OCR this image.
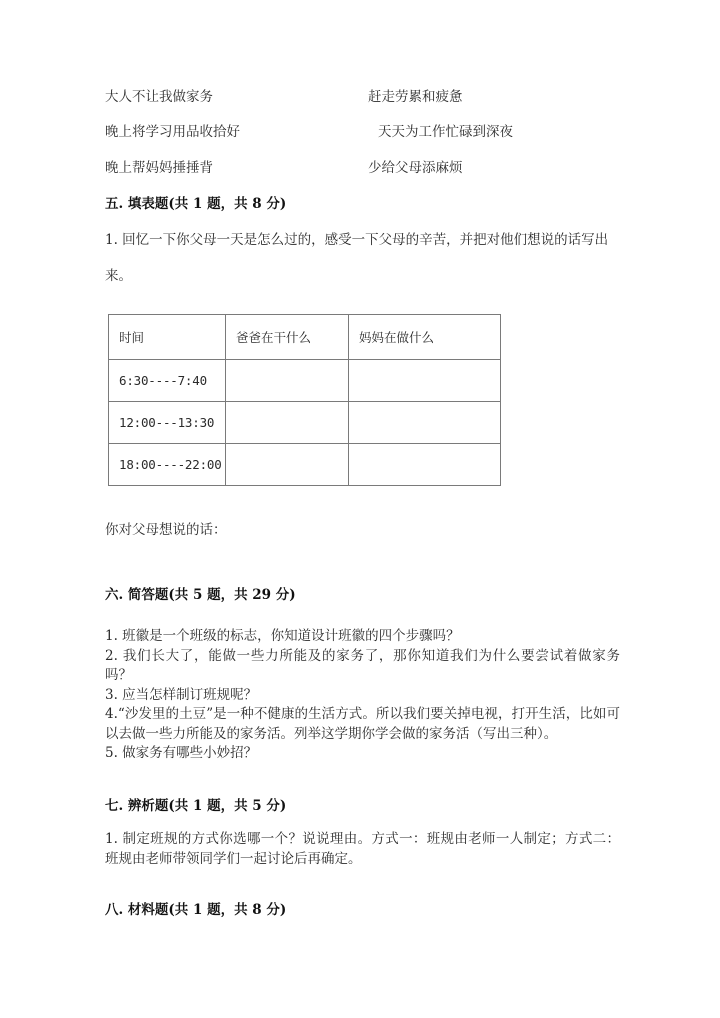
大人不让我做家务	赶走劳累和疲惫
晚上将学习用品收拾好	天天为工作忙碌到深夜
晚上帮妈妈捶捶背	少给父母添麻烦
五. 填表题(共 1 题，共 8 分)
1. 回忆一下你父母一天是怎么过的，感受一下父母的辛苦，并把对他们想说的话写出来。
时间	爸爸在干什么	妈妈在做什么
6:30----7:40		
12:00---13:30		
18:00----22:00		
你对父母想说的话：
六. 简答题(共 5 题，共 29 分)

1. 班徽是一个班级的标志，你知道设计班徽的四个步骤吗？

2. 我们长大了，能做一些力所能及的家务了，那你知道我们为什么要尝试着做家务吗？

3. 应当怎样制订班规呢？

4.“沙发里的土豆”是一种不健康的生活方式。所以我们要关掉电视，打开生活，比如可以去做一些力所能及的家务活。列举这学期你学会做的家务活（写出三种）。

5. 做家务有哪些小妙招？

七. 辨析题(共 1 题，共 5 分)

1. 制定班规的方式你选哪一个？说说理由。方式一：班规由老师一人制定；方式二：班规由老师带领同学们一起讨论后再确定。

八. 材料题(共 1 题，共 8 分)
